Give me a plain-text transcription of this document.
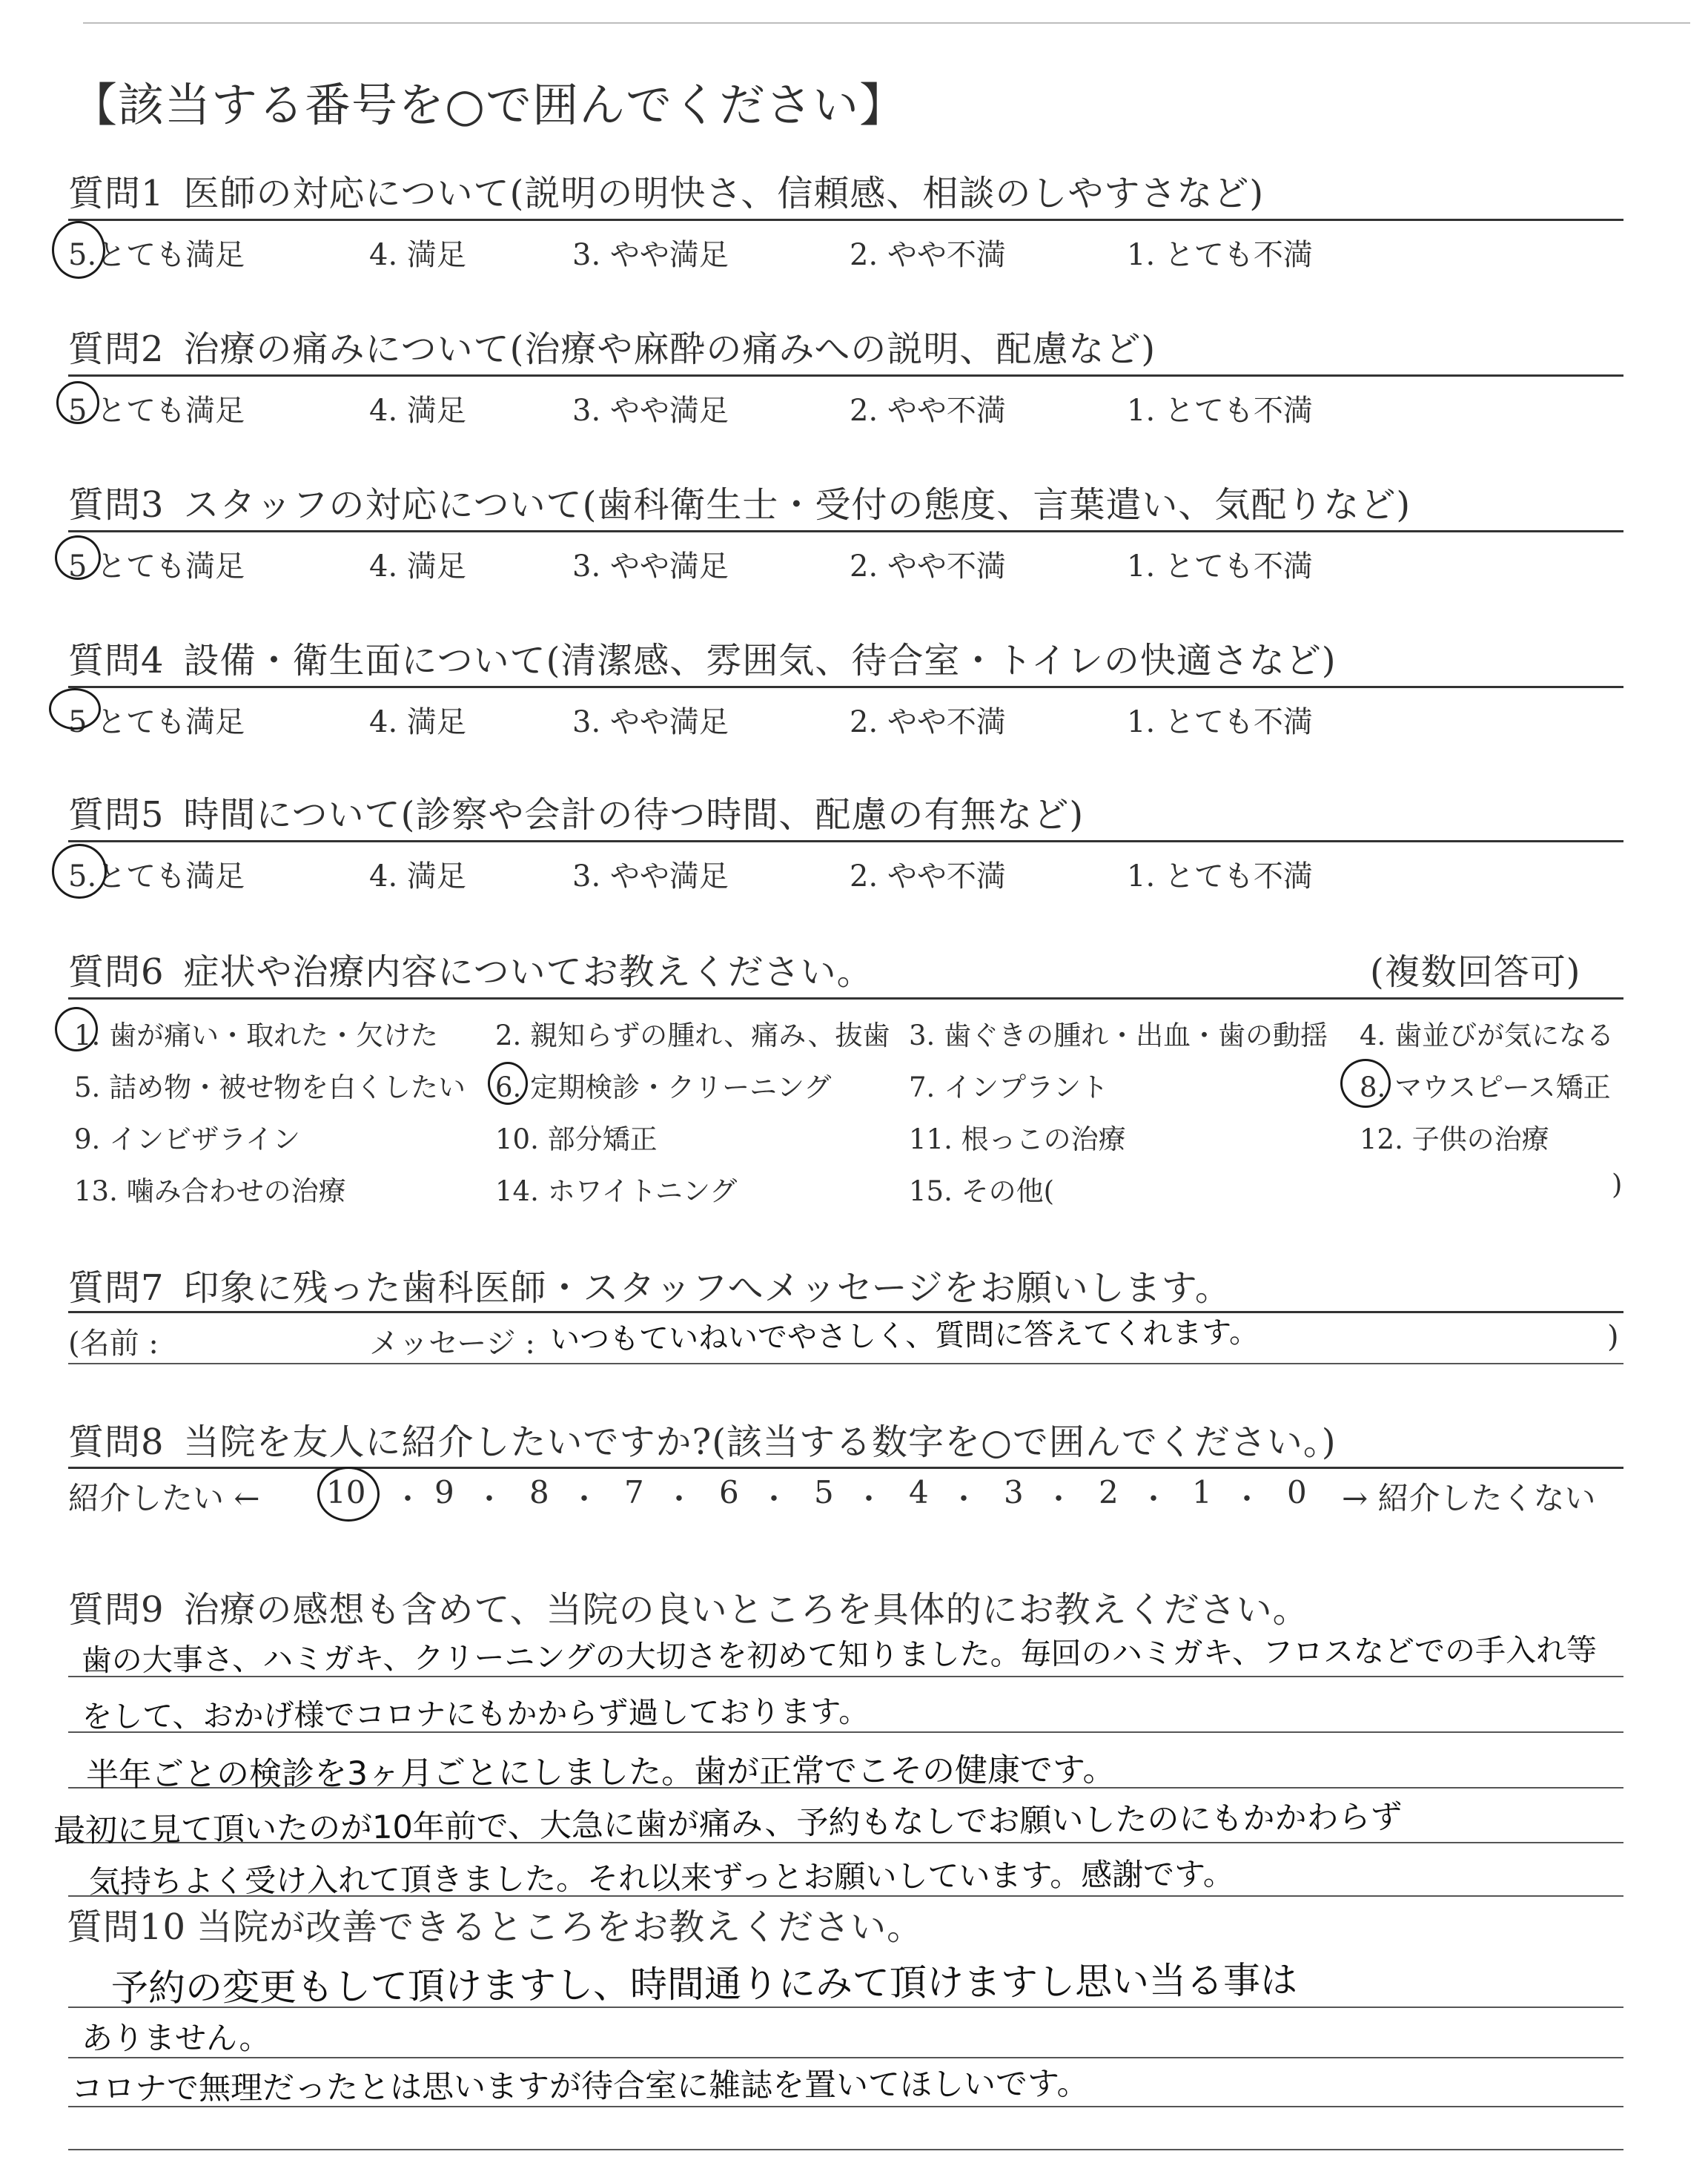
【該当する番号を○で囲んでください】
質問1 医師の対応について(説明の明快さ、信頼感、相談のしやすさなど)
5.とても満足	4. 満足	3. やや満足	2. やや不満	1. とても不満
質問2 治療の痛みについて(治療や麻酔の痛みへの説明、配慮など)
5 とても満足	4. 満足	3. やや満足	2. やや不満	1. とても不満
質問3 スタッフの対応について(歯科衛生士・受付の態度、言葉遣い、気配りなど)
5 とても満足	4. 満足	3. やや満足	2. やや不満	1. とても不満
質問4 設備・衛生面について(清潔感、雰囲気、待合室・トイレの快適さなど)
5 とても満足	4. 満足	3. やや満足	2. やや不満	1. とても不満
質問5 時間について(診察や会計の待つ時間、配慮の有無など)
5.とても満足	4. 満足	3. やや満足	2. やや不満	1. とても不満
質問6 症状や治療内容についてお教えください。	(複数回答可)
1. 歯が痛い・取れた・欠けた 2. 親知らずの腫れ、痛み、抜歯 3. 歯ぐきの腫れ・出血・歯の動揺 4. 歯並びが気になる
5. 詰め物・被せ物を白くしたい 6. 定期検診・クリーニング	7. インプラント	8. マウスピース矯正
9. インビザライン	10. 部分矯正	11. 根っこの治療	12. 子供の治療
13. 噛み合わせの治療	14. ホワイトニング	15. その他(	)
質問7 印象に残った歯科医師・スタッフへメッセージをお願いします。
(名前 :	メッセージ : いつもていねいでやさしく、質問に答えてくれます。	)
質問8 当院を友人に紹介したいですか?(該当する数字を○で囲んでください。)
紹介したい ← 10 ・ 9 ・ 8 ・ 7 ・ 6 ・ 5 ・ 4 ・ 3 ・ 2 ・ 1 ・ 0 → 紹介したくない
質問9 治療の感想も含めて、当院の良いところを具体的にお教えください。
歯の大事さ、ハミガキ、クリーニングの大切さを初めて知りました。毎回のハミガキ、フロスなどでの手入れ等をして、おかげ様でコロナにもかからず過しております。
半年ごとの検診を3ヶ月ごとにしました。歯が正常でこその健康です。
最初に見て頂いたのが10年前で、大急に歯が痛み、予約もなしでお願いしたのにもかかわらず
気持ちよく受け入れて頂きました。それ以来ずっとお願いしています。感謝です。
質問10 当院が改善できるところをお教えください。
予約の変更もして頂けますし、時間通りにみて頂けますし思い当る事は
ありません。
コロナで無理だったとは思いますが待合室に雑誌を置いてほしいです。
